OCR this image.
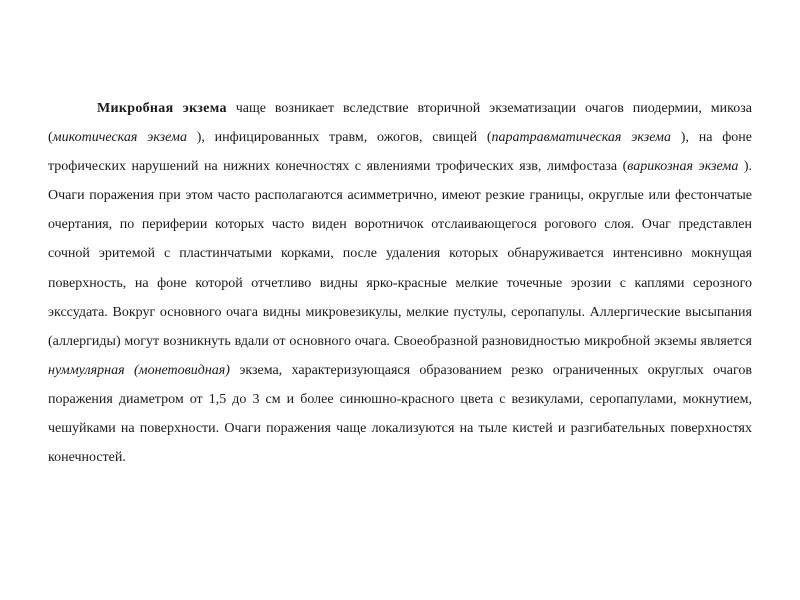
Микробная экзема чаще возникает вследствие вторичной экзематизации очагов пиодермии, микоза (микотическая экзема ), инфицированных травм, ожогов, свищей (паратравматическая экзема ), на фоне трофических нарушений на нижних конечностях с явлениями трофических язв, лимфостаза (варикозная экзема ). Очаги поражения при этом часто располагаются асимметрично, имеют резкие границы, округлые или фестончатые очертания, по периферии которых часто виден воротничок отслаивающегося рогового слоя. Очаг представлен сочной эритемой с пластинчатыми корками, после удаления которых обнаруживается интенсивно мокнущая поверхность, на фоне которой отчетливо видны ярко-красные мелкие точечные эрозии с каплями серозного экссудата. Вокруг основного очага видны микровезикулы, мелкие пустулы, серопапулы. Аллергические высыпания (аллергиды) могут возникнуть вдали от основного очага. Своеобразной разновидностью микробной экземы является нуммулярная (монетовидная) экзема, характеризующаяся образованием резко ограниченных округлых очагов поражения диаметром от 1,5 до 3 см и более синюшно-красного цвета с везикулами, серопапулами, мокнутием, чешуйками на поверхности. Очаги поражения чаще локализуются на тыле кистей и разгибательных поверхностях конечностей.
